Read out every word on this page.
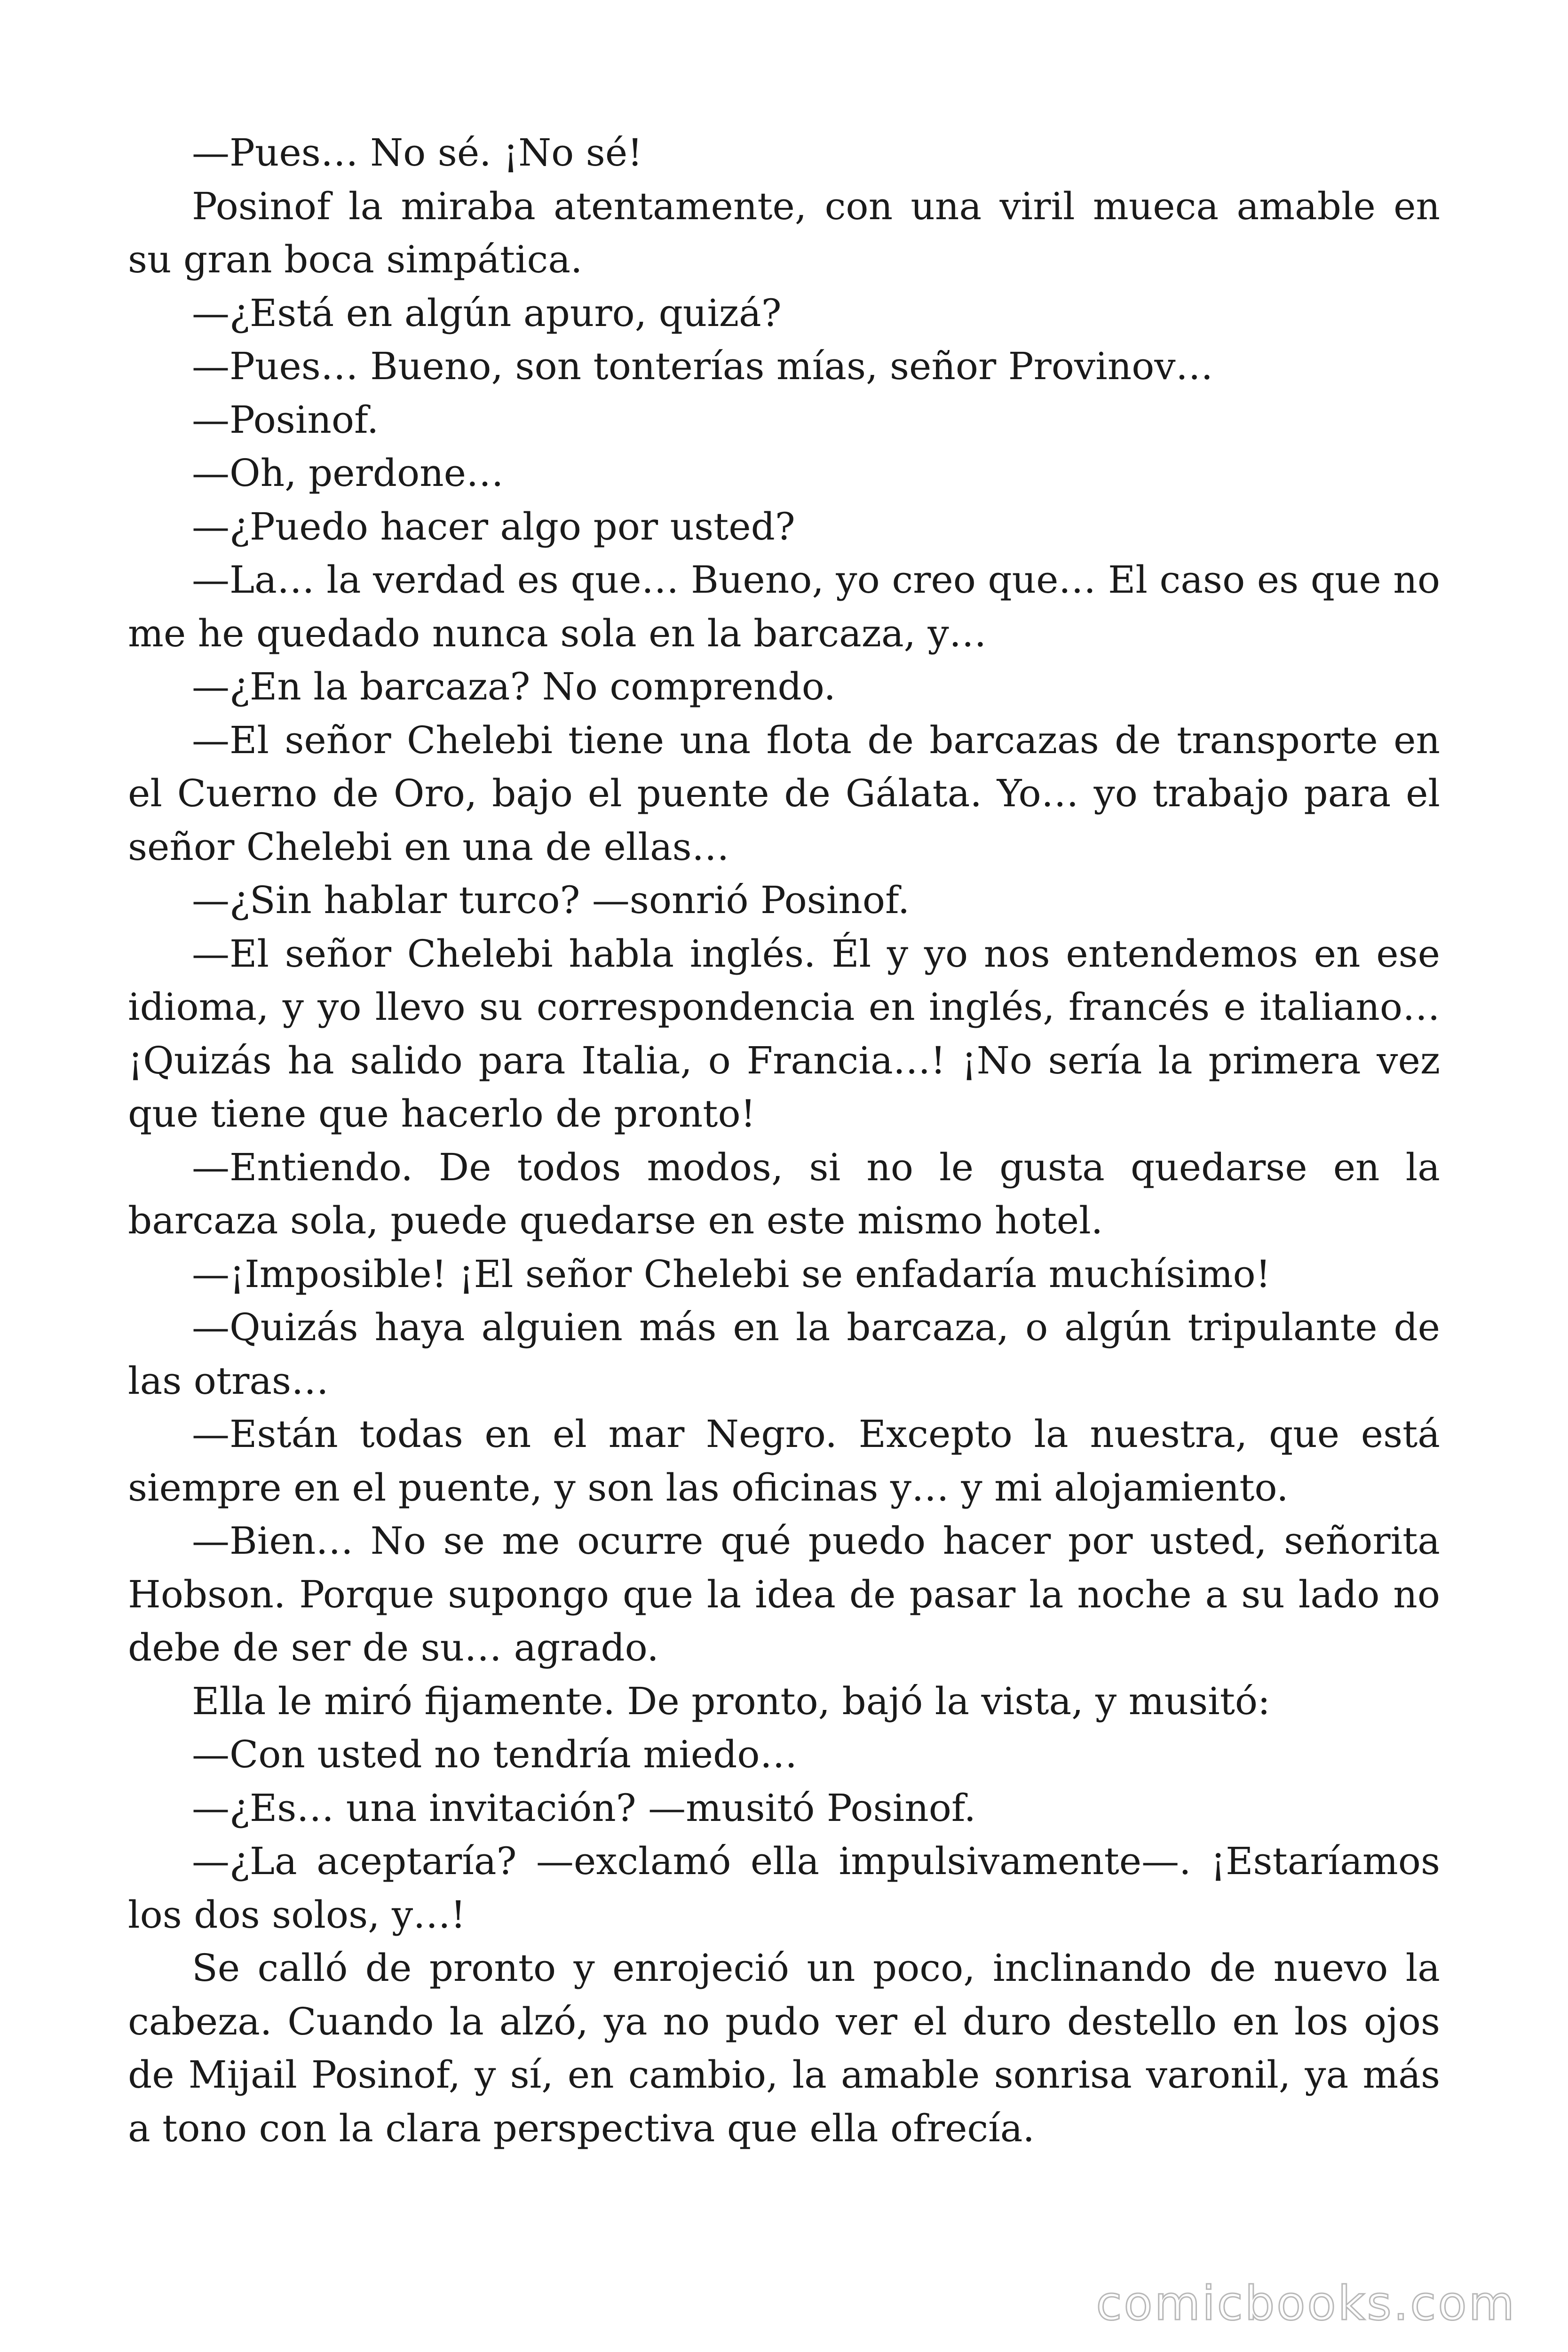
—Pues… No sé. ¡No sé!

Posinof la miraba atentamente, con una viril mueca amable en su gran boca simpática.

—¿Está en algún apuro, quizá?

—Pues… Bueno, son tonterías mías, señor Provinov…

—Posinof.

—Oh, perdone…

—¿Puedo hacer algo por usted?

—La… la verdad es que… Bueno, yo creo que… El caso es que no me he quedado nunca sola en la barcaza, y…

—¿En la barcaza? No comprendo.

—El señor Chelebi tiene una flota de barcazas de transporte en el Cuerno de Oro, bajo el puente de Gálata. Yo… yo trabajo para el señor Chelebi en una de ellas…

—¿Sin hablar turco? —sonrió Posinof.

—El señor Chelebi habla inglés. Él y yo nos entendemos en ese idioma, y yo llevo su correspondencia en inglés, francés e italiano… ¡Quizás ha salido para Italia, o Francia…! ¡No sería la primera vez que tiene que hacerlo de pronto!

—Entiendo. De todos modos, si no le gusta quedarse en la barcaza sola, puede quedarse en este mismo hotel.

—¡Imposible! ¡El señor Chelebi se enfadaría muchísimo!

—Quizás haya alguien más en la barcaza, o algún tripulante de las otras…

—Están todas en el mar Negro. Excepto la nuestra, que está siempre en el puente, y son las oficinas y… y mi alojamiento.

—Bien… No se me ocurre qué puedo hacer por usted, señorita Hobson. Porque supongo que la idea de pasar la noche a su lado no debe de ser de su… agrado.

Ella le miró fijamente. De pronto, bajó la vista, y musitó:

—Con usted no tendría miedo…

—¿Es… una invitación? —musitó Posinof.

—¿La aceptaría? —exclamó ella impulsivamente—. ¡Estaríamos los dos solos, y…!

Se calló de pronto y enrojeció un poco, inclinando de nuevo la cabeza. Cuando la alzó, ya no pudo ver el duro destello en los ojos de Mijail Posinof, y sí, en cambio, la amable sonrisa varonil, ya más a tono con la clara perspectiva que ella ofrecía.

comicbooks.com
